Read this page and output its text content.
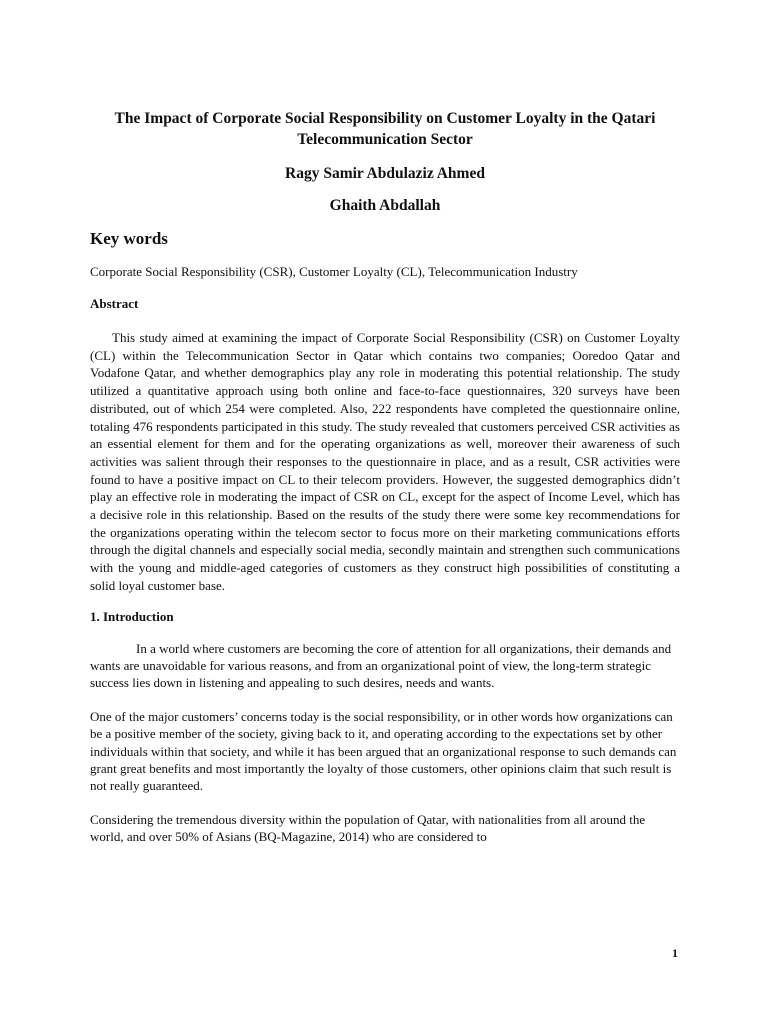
The Impact of Corporate Social Responsibility on Customer Loyalty in the Qatari Telecommunication Sector

Ragy Samir Abdulaziz Ahmed

Ghaith Abdallah

Key words

Corporate Social Responsibility (CSR), Customer Loyalty (CL), Telecommunication Industry

Abstract

This study aimed at examining the impact of Corporate Social Responsibility (CSR) on Customer Loyalty (CL) within the Telecommunication Sector in Qatar which contains two companies; Ooredoo Qatar and Vodafone Qatar, and whether demographics play any role in moderating this potential relationship. The study utilized a quantitative approach using both online and face-to-face questionnaires, 320 surveys have been distributed, out of which 254 were completed. Also, 222 respondents have completed the questionnaire online, totaling 476 respondents participated in this study. The study revealed that customers perceived CSR activities as an essential element for them and for the operating organizations as well, moreover their awareness of such activities was salient through their responses to the questionnaire in place, and as a result, CSR activities were found to have a positive impact on CL to their telecom providers. However, the suggested demographics didn’t play an effective role in moderating the impact of CSR on CL, except for the aspect of Income Level, which has a decisive role in this relationship. Based on the results of the study there were some key recommendations for the organizations operating within the telecom sector to focus more on their marketing communications efforts through the digital channels and especially social media, secondly maintain and strengthen such communications with the young and middle-aged categories of customers as they construct high possibilities of constituting a solid loyal customer base.

1. Introduction

In a world where customers are becoming the core of attention for all organizations, their demands and wants are unavoidable for various reasons, and from an organizational point of view, the long-term strategic success lies down in listening and appealing to such desires, needs and wants.

One of the major customers’ concerns today is the social responsibility, or in other words how organizations can be a positive member of the society, giving back to it, and operating according to the expectations set by other individuals within that society, and while it has been argued that an organizational response to such demands can grant great benefits and most importantly the loyalty of those customers, other opinions claim that such result is not really guaranteed.

Considering the tremendous diversity within the population of Qatar, with nationalities from all around the world, and over 50% of Asians (BQ-Magazine, 2014) who are considered to

1
